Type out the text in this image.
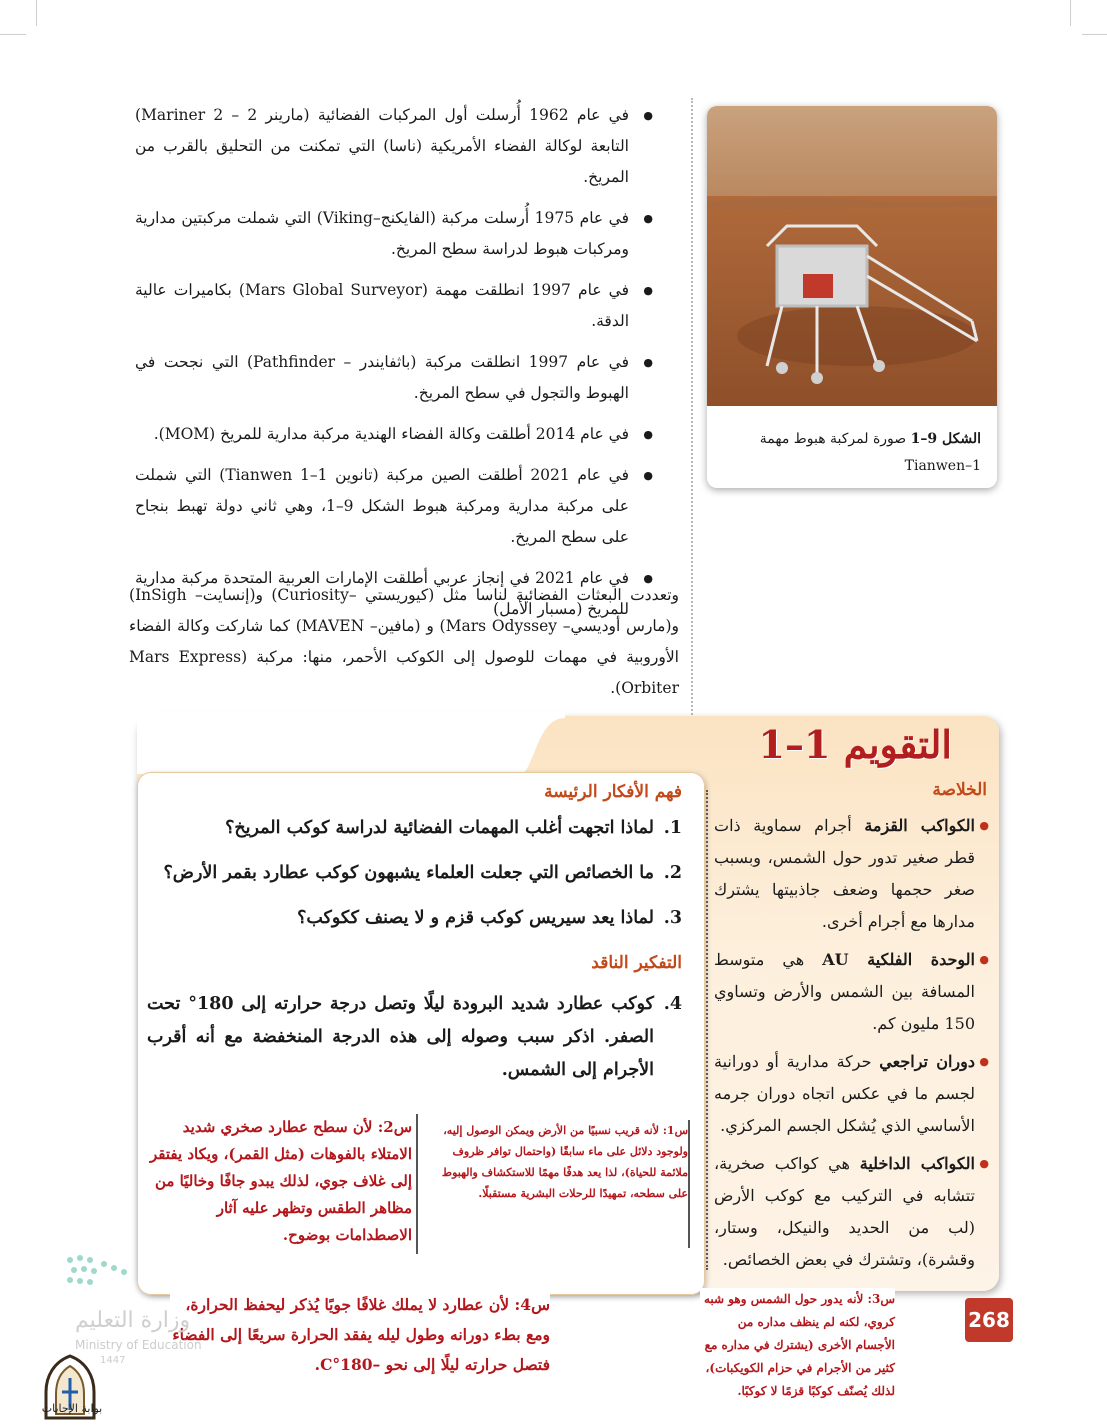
● في عام 1962 أُرسلت أول المركبات الفضائية (مارينر 2 – Mariner 2) التابعة لوكالة الفضاء الأمريكية (ناسا) التي تمكنت من التحليق بالقرب من المريخ.
● في عام 1975 أُرسلت مركبة (الفايكنج–Viking) التي شملت مركبتين مدارية ومركبات هبوط لدراسة سطح المريخ.
● في عام 1997 انطلقت مهمة (Mars Global Surveyor) بكاميرات عالية الدقة.
● في عام 1997 انطلقت مركبة (باثفايندر – Pathfinder) التي نجحت في الهبوط والتجول في سطح المريخ.
● في عام 2014 أطلقت وكالة الفضاء الهندية مركبة مدارية للمريخ (MOM).
● في عام 2021 أطلقت الصين مركبة (تانوين 1–Tianwen 1) التي شملت على مركبة مدارية ومركبة هبوط الشكل 9–1، وهي ثاني دولة تهبط بنجاح على سطح المريخ.
● في عام 2021 في إنجاز عربي أطلقت الإمارات العربية المتحدة مركبة مدارية للمريخ (مسبار الأمل)
وتعددت البعثات الفضائية لناسا مثل (كيوريستي –Curiosity) و(إنسايت– InSigh) و(مارس أوديسي– Mars Odyssey) و (مافين– MAVEN) كما شاركت وكالة الفضاء الأوروبية في مهمات للوصول إلى الكوكب الأحمر، منها: مركبة (Mars Express Orbiter).
الشكل 9–1 صورة لمركبة هبوط مهمة
Tianwen–1
التقويم 1–1
الخلاصة
● الكواكب القزمة أجرام سماوية ذات قطر صغير تدور حول الشمس، وبسبب صغر حجمها وضعف جاذبيتها يشترك مدارها مع أجرام أخرى.
● الوحدة الفلكية AU هي متوسط المسافة بين الشمس والأرض وتساوي 150 مليون كم.
● دوران تراجعي حركة مدارية أو دورانية لجسم ما في عكس اتجاه دوران جرمه الأساسي الذي يُشكل الجسم المركزي.
● الكواكب الداخلية هي كواكب صخرية، تتشابه في التركيب مع كوكب الأرض (لب من الحديد والنيكل، وستار، وقشرة)، وتشترك في بعض الخصائص.
فهم الأفكار الرئيسة
1.
لماذا اتجهت أغلب المهمات الفضائية لدراسة كوكب المريخ؟
2.
ما الخصائص التي جعلت العلماء يشبهون كوكب عطارد بقمر الأرض؟
3.
لماذا يعد سيريس كوكب قزم و لا يصنف ككوكب؟
التفكير الناقد
4.
كوكب عطارد شديد البرودة ليلًا وتصل درجة حرارته إلى 180° تحت الصفر. اذكر سبب وصوله إلى هذه الدرجة المنخفضة مع أنه أقرب الأجرام إلى الشمس.
س1: لأنه قريب نسبيًا من الأرض ويمكن الوصول إليه، ولوجود دلائل على ماء سابقًا (واحتمال توافر ظروف ملائمة للحياة)، لذا يعد هدفًا مهمًا للاستكشاف والهبوط على سطحه، تمهيدًا للرحلات البشرية مستقبلًا.
س2: لأن سطح عطارد صخري شديد الامتلاء بالفوهات (مثل القمر)، ويكاد يفتقر إلى غلاف جوي، لذلك يبدو جافًا وخاليًا من مظاهر الطقس وتظهر عليه آثار الاصطدامات بوضوح.
س3: لأنه يدور حول الشمس وهو شبه كروي، لكنه لم ينظف مداره من الأجسام الأخرى (يشترك في مداره مع كثير من الأجرام في حزام الكويكبات)، لذلك يُصنّف كوكبًا قزمًا لا كوكبًا.
س4: لأن عطارد لا يملك غلافًا جويًا يُذكر ليحفظ الحرارة، ومع بطء دورانه وطول ليله يفقد الحرارة سريعًا إلى الفضاء فتصل حرارته ليلًا إلى نحو –180°C.
268
وزارة التعليم
Ministry of Education
1447
بوابة الإجابات
